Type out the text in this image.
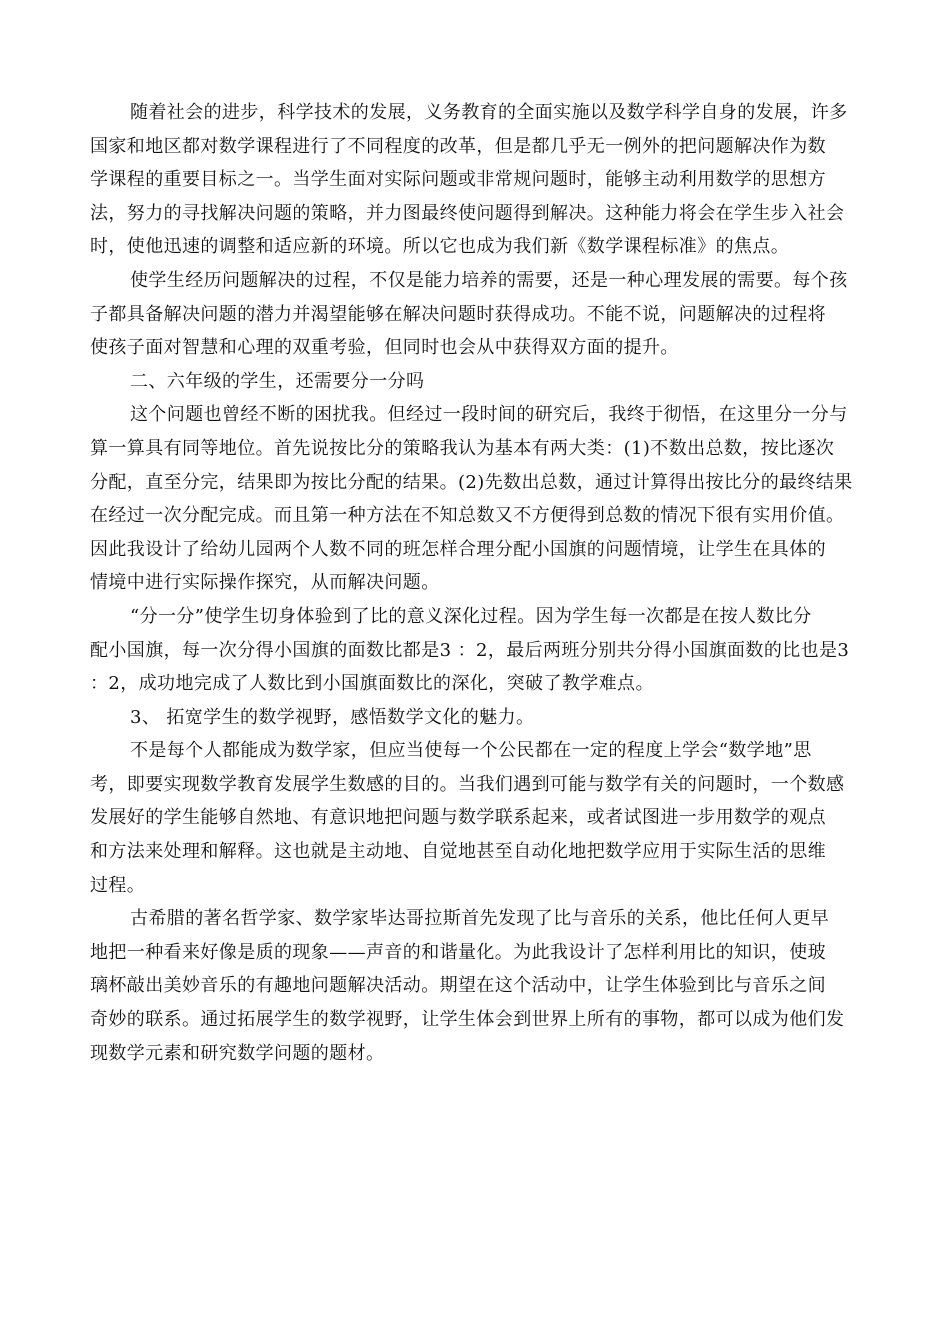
随着社会的进步，科学技术的发展，义务教育的全面实施以及数学科学自身的发展，许多
国家和地区都对数学课程进行了不同程度的改革，但是都几乎无一例外的把问题解决作为数
学课程的重要目标之一。当学生面对实际问题或非常规问题时，能够主动利用数学的思想方
法，努力的寻找解决问题的策略，并力图最终使问题得到解决。这种能力将会在学生步入社会
时，使他迅速的调整和适应新的环境。所以它也成为我们新《数学课程标准》的焦点。
使学生经历问题解决的过程，不仅是能力培养的需要，还是一种心理发展的需要。每个孩
子都具备解决问题的潜力并渴望能够在解决问题时获得成功。不能不说，问题解决的过程将
使孩子面对智慧和心理的双重考验，但同时也会从中获得双方面的提升。
二、六年级的学生，还需要分一分吗
这个问题也曾经不断的困扰我。但经过一段时间的研究后，我终于彻悟，在这里分一分与
算一算具有同等地位。首先说按比分的策略我认为基本有两大类：(1)不数出总数，按比逐次
分配，直至分完，结果即为按比分配的结果。(2)先数出总数，通过计算得出按比分的最终结果
在经过一次分配完成。而且第一种方法在不知总数又不方便得到总数的情况下很有实用价值。
因此我设计了给幼儿园两个人数不同的班怎样合理分配小国旗的问题情境，让学生在具体的
情境中进行实际操作探究，从而解决问题。
“分一分”使学生切身体验到了比的意义深化过程。因为学生每一次都是在按人数比分
配小国旗，每一次分得小国旗的面数比都是3 ：2，最后两班分别共分得小国旗面数的比也是3
：2，成功地完成了人数比到小国旗面数比的深化，突破了教学难点。
3、 拓宽学生的数学视野，感悟数学文化的魅力。
不是每个人都能成为数学家，但应当使每一个公民都在一定的程度上学会“数学地”思
考，即要实现数学教育发展学生数感的目的。当我们遇到可能与数学有关的问题时，一个数感
发展好的学生能够自然地、有意识地把问题与数学联系起来，或者试图进一步用数学的观点
和方法来处理和解释。这也就是主动地、自觉地甚至自动化地把数学应用于实际生活的思维
过程。
古希腊的著名哲学家、数学家毕达哥拉斯首先发现了比与音乐的关系，他比任何人更早
地把一种看来好像是质的现象——声音的和谐量化。为此我设计了怎样利用比的知识，使玻
璃杯敲出美妙音乐的有趣地问题解决活动。期望在这个活动中，让学生体验到比与音乐之间
奇妙的联系。通过拓展学生的数学视野，让学生体会到世界上所有的事物，都可以成为他们发
现数学元素和研究数学问题的题材。
